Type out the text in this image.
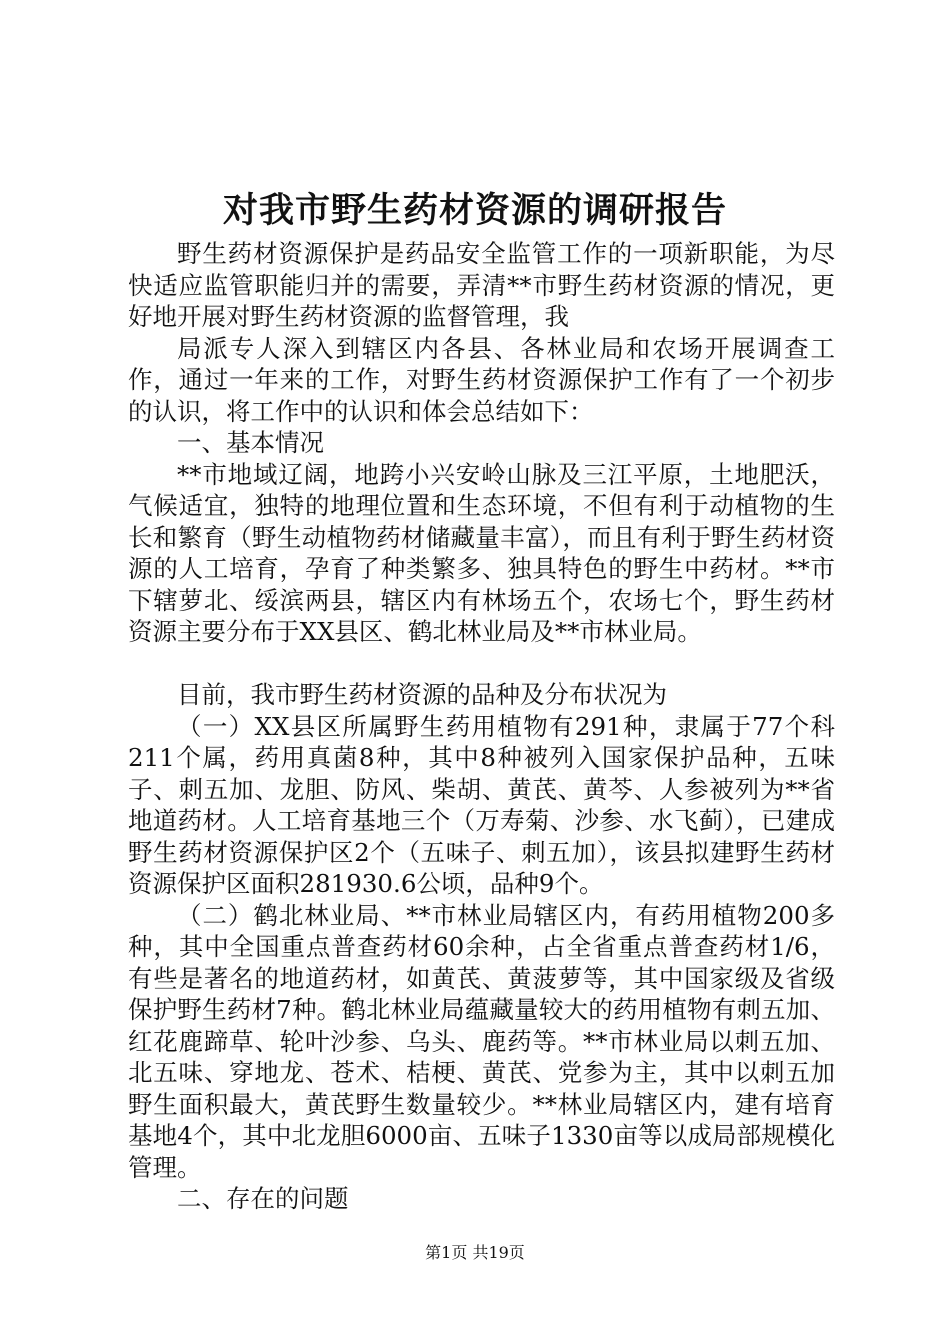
对我市野生药材资源的调研报告

野生药材资源保护是药品安全监管工作的一项新职能，为尽快适应监管职能归并的需要，弄清**市野生药材资源的情况，更好地开展对野生药材资源的监督管理，我

局派专人深入到辖区内各县、各林业局和农场开展调查工作，通过一年来的工作，对野生药材资源保护工作有了一个初步的认识，将工作中的认识和体会总结如下：

一、基本情况

**市地域辽阔，地跨小兴安岭山脉及三江平原，土地肥沃，气候适宜，独特的地理位置和生态环境，不但有利于动植物的生长和繁育（野生动植物药材储藏量丰富），而且有利于野生药材资源的人工培育，孕育了种类繁多、独具特色的野生中药材。**市下辖萝北、绥滨两县，辖区内有林场五个，农场七个，野生药材资源主要分布于XX县区、鹤北林业局及**市林业局。

目前，我市野生药材资源的品种及分布状况为

（一）XX县区所属野生药用植物有291种，隶属于77个科211个属，药用真菌8种，其中8种被列入国家保护品种，五味子、刺五加、龙胆、防风、柴胡、黄芪、黄芩、人参被列为**省地道药材。人工培育基地三个（万寿菊、沙参、水飞蓟），已建成野生药材资源保护区2个（五味子、刺五加），该县拟建野生药材资源保护区面积281930.6公顷，品种9个。

（二）鹤北林业局、**市林业局辖区内，有药用植物200多种，其中全国重点普查药材60余种，占全省重点普查药材1/6，有些是著名的地道药材，如黄芪、黄菠萝等，其中国家级及省级保护野生药材7种。鹤北林业局蕴藏量较大的药用植物有刺五加、红花鹿蹄草、轮叶沙参、乌头、鹿药等。**市林业局以刺五加、北五味、穿地龙、苍术、桔梗、黄芪、党参为主，其中以刺五加野生面积最大，黄芪野生数量较少。**林业局辖区内，建有培育基地4个，其中北龙胆6000亩、五味子1330亩等以成局部规模化管理。

二、存在的问题

第1页 共19页
